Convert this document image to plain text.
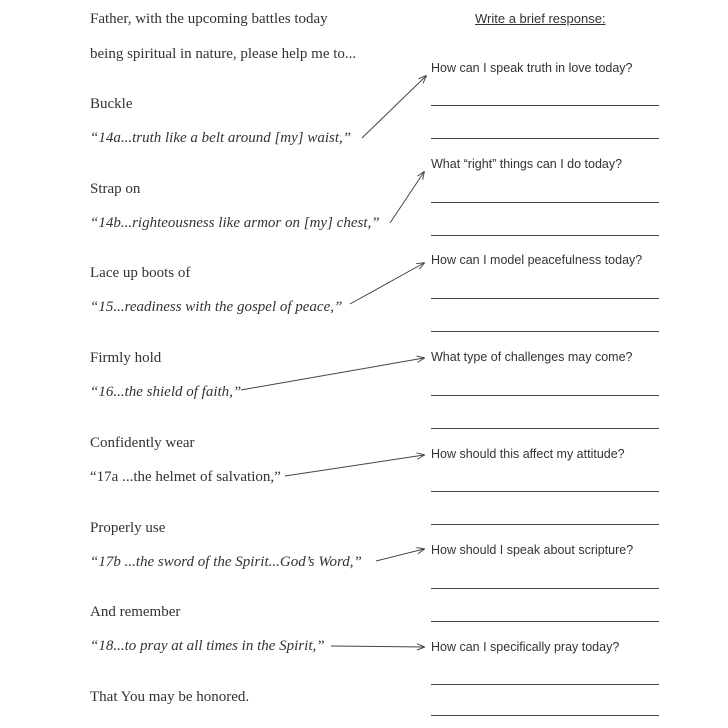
Father, with the upcoming battles today
being spiritual in nature, please help me to...
Write a brief response:
Buckle
“14a...truth like a belt around [my] waist,”
How can I speak truth in love today?
Strap on
“14b...righteousness like armor on [my] chest,”
What “right” things can I do today?
Lace up boots of
“15...readiness with the gospel of peace,”
How can I model peacefulness today?
Firmly hold
“16...the shield of faith,”
What type of challenges may come?
Confidently wear
“17a ...the helmet of salvation,”
How should this affect my attitude?
Properly use
“17b ...the sword of the Spirit...God’s Word,”
How should I speak about scripture?
And remember
“18...to pray at all times in the Spirit,”	How can I specifically pray today?
That You may be honored.
